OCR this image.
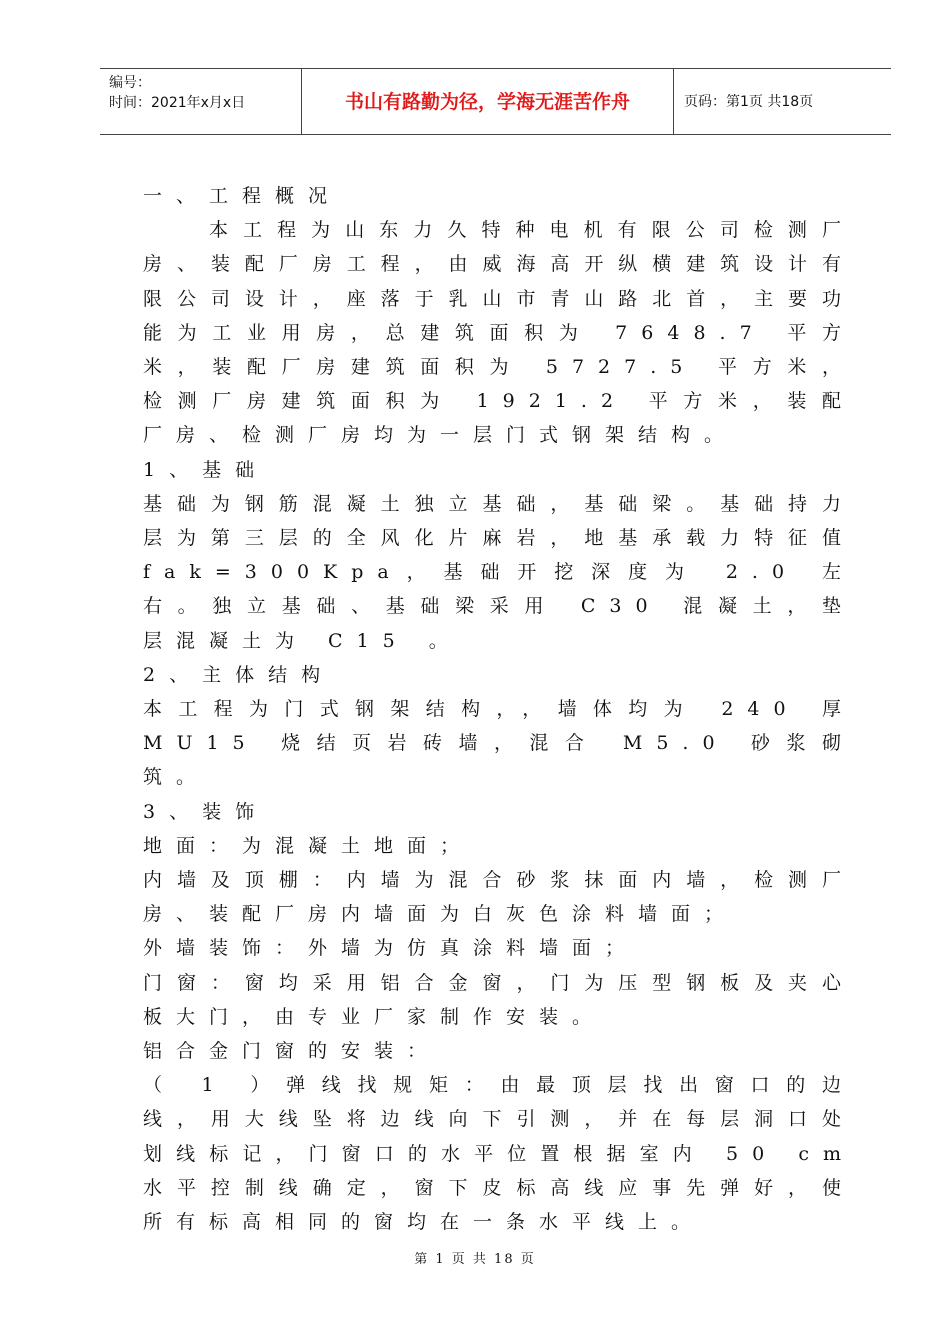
编号：
时间：2021年x月x日	书山有路勤为径，学海无涯苦作舟	页码：第1页 共18页

一、工程概况

本工程为山东力久特种电机有限公司检测厂房、装配厂房工程，由威海高开纵横建筑设计有限公司设计，座落于乳山市青山路北首，主要功能为工业用房，总建筑面积为 7648.7 平方米，装配厂房建筑面积为 5727.5 平方米，检测厂房建筑面积为 1921.2 平方米，装配厂房、检测厂房均为一层门式钢架结构。

1、基础

基础为钢筋混凝土独立基础，基础梁。基础持力层为第三层的全风化片麻岩，地基承载力特征值 fak=300Kpa，基础开挖深度为 2.0 左右。独立基础、基础梁采用 C30 混凝土，垫层混凝土为 C15 。

2、主体结构

本工程为门式钢架结构，，墙体均为 240 厚 MU15 烧结页岩砖墙，混合 M5.0 砂浆砌筑。

3、装饰

地面：为混凝土地面；

内墙及顶棚：内墙为混合砂浆抹面内墙，检测厂房、装配厂房内墙面为白灰色涂料墙面；

外墙装饰：外墙为仿真涂料墙面；

门窗：窗均采用铝合金窗，门为压型钢板及夹心板大门，由专业厂家制作安装。

铝合金门窗的安装：

（ 1 ）弹线找规矩：由最顶层找出窗口的边线，用大线坠将边线向下引测，并在每层洞口处划线标记，门窗口的水平位置根据室内 50 cm 水平控制线确定，窗下皮标高线应事先弹好，使所有标高相同的窗均在一条水平线上。

第 1 页 共 18 页
